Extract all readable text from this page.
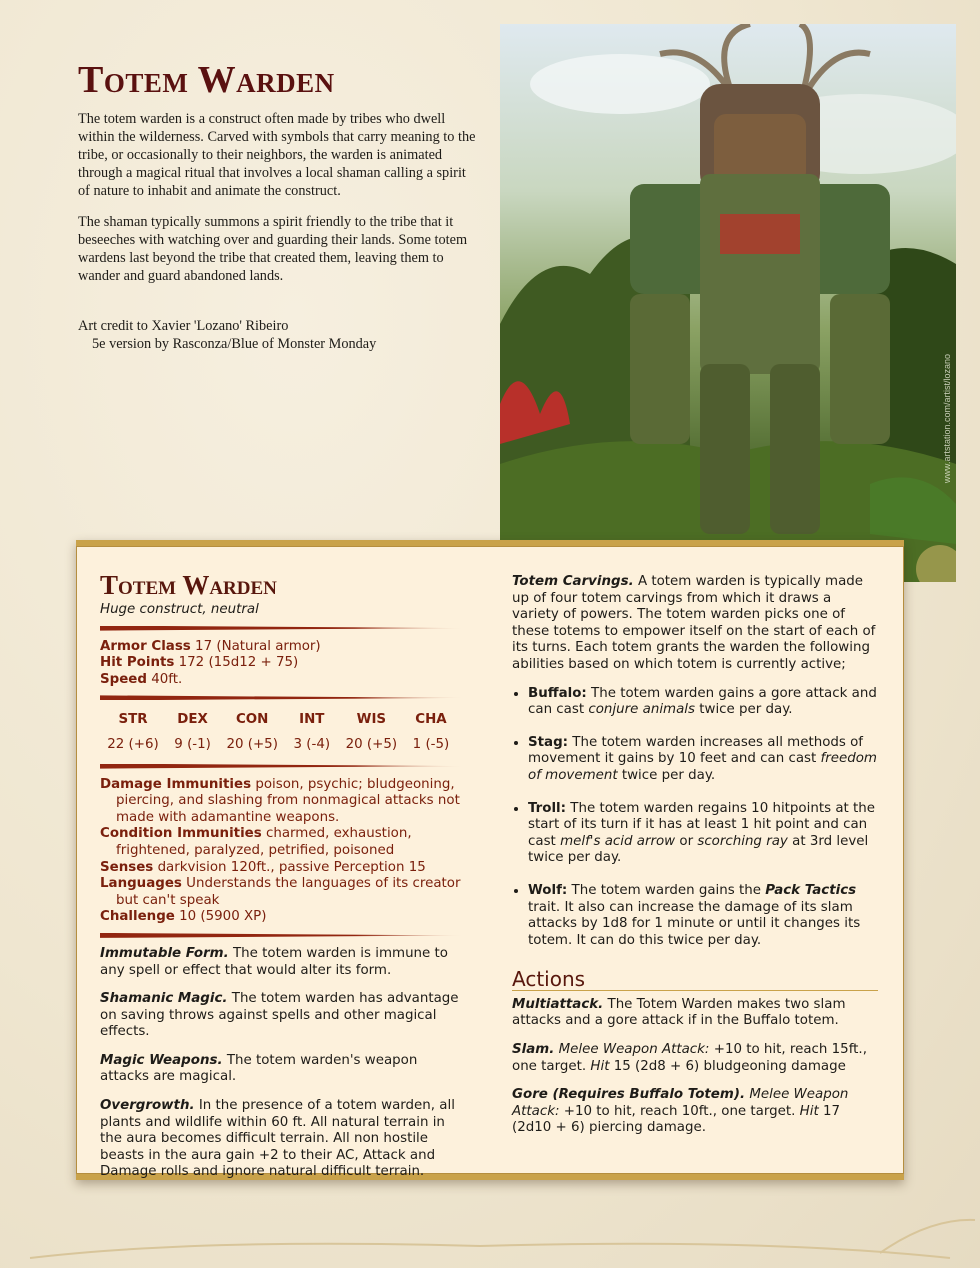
Totem Warden

The totem warden is a construct often made by tribes who dwell within the wilderness. Carved with symbols that carry meaning to the tribe, or occasionally to their neighbors, the warden is animated through a magical ritual that involves a local shaman calling a spirit of nature to inhabit and animate the construct.

The shaman typically summons a spirit friendly to the tribe that it beseeches with watching over and guarding their lands. Some totem wardens last beyond the tribe that created them, leaving them to wander and guard abandoned lands.

Art credit to Xavier 'Lozano' Ribeiro
5e version by Rasconza/Blue of Monster Monday
www.artstation.com/artist/lozano
Totem Warden

Huge construct, neutral

Armor Class 17 (Natural armor)

Hit Points 172 (15d12 + 75)

Speed 40ft.

STR
22 (+6)
DEX
9 (-1)
CON
20 (+5)
INT
3 (-4)
WIS
20 (+5)
CHA
1 (-5)

Damage Immunities poison, psychic; bludgeoning, piercing, and slashing from nonmagical attacks not made with adamantine weapons.

Condition Immunities charmed, exhaustion, frightened, paralyzed, petrified, poisoned

Senses darkvision 120ft., passive Perception 15

Languages Understands the languages of its creator but can't speak

Challenge 10 (5900 XP)

Immutable Form. The totem warden is immune to any spell or effect that would alter its form.

Shamanic Magic. The totem warden has advantage on saving throws against spells and other magical effects.

Magic Weapons. The totem warden's weapon attacks are magical.

Overgrowth. In the presence of a totem warden, all plants and wildlife within 60 ft. All natural terrain in the aura becomes difficult terrain. All non hostile beasts in the aura gain +2 to their AC, Attack and Damage rolls and ignore natural difficult terrain.

Totem Carvings. A totem warden is typically made up of four totem carvings from which it draws a variety of powers. The totem warden picks one of these totems to empower itself on the start of each of its turns. Each totem grants the warden the following abilities based on which totem is currently active;

• Buffalo: The totem warden gains a gore attack and can cast conjure animals twice per day.
• Stag: The totem warden increases all methods of movement it gains by 10 feet and can cast freedom of movement twice per day.
• Troll: The totem warden regains 10 hitpoints at the start of its turn if it has at least 1 hit point and can cast melf's acid arrow or scorching ray at 3rd level twice per day.
• Wolf: The totem warden gains the Pack Tactics trait. It also can increase the damage of its slam attacks by 1d8 for 1 minute or until it changes its totem. It can do this twice per day.
Actions

Multiattack. The Totem Warden makes two slam attacks and a gore attack if in the Buffalo totem.

Slam. Melee Weapon Attack: +10 to hit, reach 15ft., one target. Hit 15 (2d8 + 6) bludgeoning damage

Gore (Requires Buffalo Totem). Melee Weapon Attack: +10 to hit, reach 10ft., one target. Hit 17 (2d10 + 6) piercing damage.
